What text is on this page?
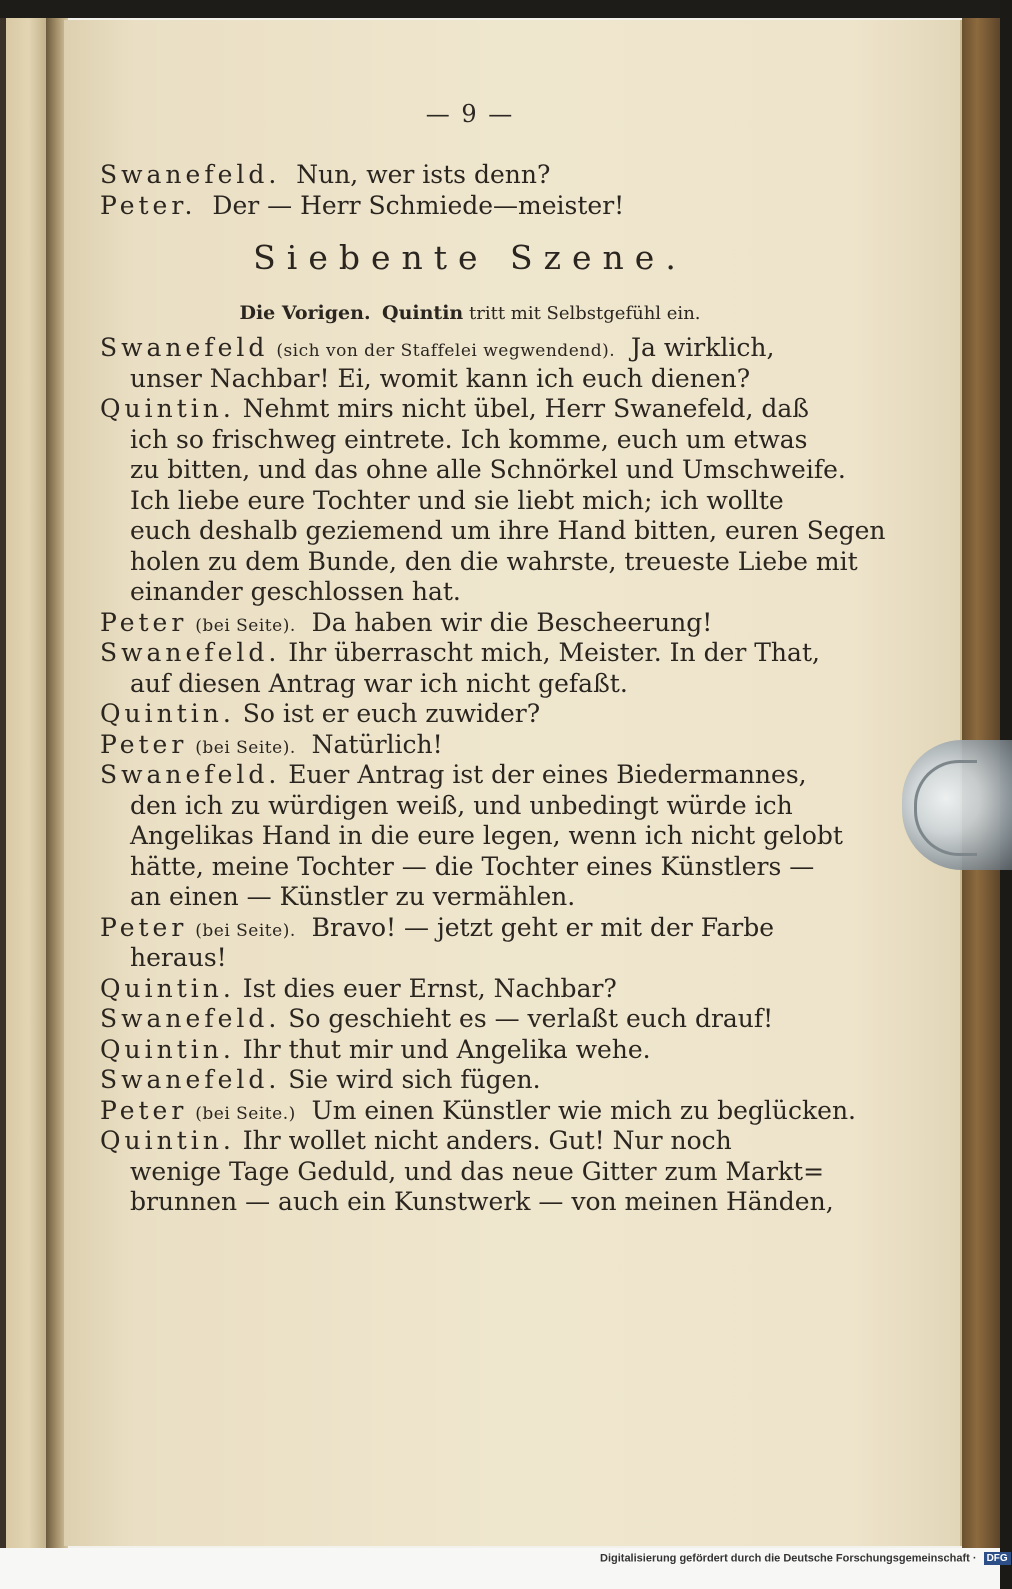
— 9 —
Swanefeld. Nun, wer ists denn?
Peter. Der — Herr Schmiede—meister!
Siebente Szene.
Die Vorigen. Quintin tritt mit Selbstgefühl ein.
Swanefeld (sich von der Staffelei wegwendend). Ja wirklich,
unser Nachbar! Ei, womit kann ich euch dienen?
Quintin. Nehmt mirs nicht übel, Herr Swanefeld, daß
ich so frischweg eintrete. Ich komme, euch um etwas
zu bitten, und das ohne alle Schnörkel und Umschweife.
Ich liebe eure Tochter und sie liebt mich; ich wollte
euch deshalb geziemend um ihre Hand bitten, euren Segen
holen zu dem Bunde, den die wahrste, treueste Liebe mit
einander geschlossen hat.
Peter (bei Seite). Da haben wir die Bescheerung!
Swanefeld. Ihr überrascht mich, Meister. In der That,
auf diesen Antrag war ich nicht gefaßt.
Quintin. So ist er euch zuwider?
Peter (bei Seite). Natürlich!
Swanefeld. Euer Antrag ist der eines Biedermannes,
den ich zu würdigen weiß, und unbedingt würde ich
Angelikas Hand in die eure legen, wenn ich nicht gelobt
hätte, meine Tochter — die Tochter eines Künstlers —
an einen — Künstler zu vermählen.
Peter (bei Seite). Bravo! — jetzt geht er mit der Farbe
heraus!
Quintin. Ist dies euer Ernst, Nachbar?
Swanefeld. So geschieht es — verlaßt euch drauf!
Quintin. Ihr thut mir und Angelika wehe.
Swanefeld. Sie wird sich fügen.
Peter (bei Seite.) Um einen Künstler wie mich zu beglücken.
Quintin. Ihr wollet nicht anders. Gut! Nur noch
wenige Tage Geduld, und das neue Gitter zum Markt=
brunnen — auch ein Kunstwerk — von meinen Händen,
Digitalisierung gefördert durch die Deutsche Forschungsgemeinschaft · DFG
